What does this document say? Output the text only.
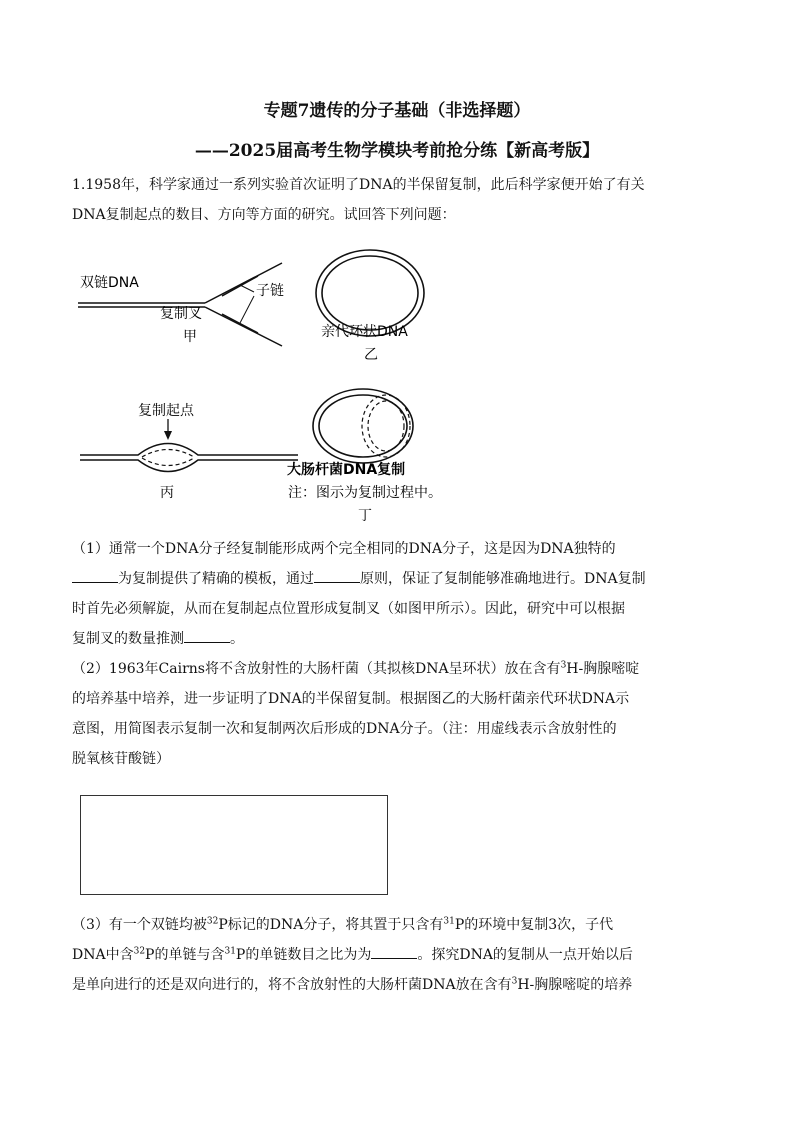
专题7遗传的分子基础（非选择题）
——2025届高考生物学模块考前抢分练【新高考版】
1.1958年，科学家通过一系列实验首次证明了DNA的半保留复制，此后科学家便开始了有关
DNA复制起点的数目、方向等方面的研究。试回答下列问题：
双链DNA	子链
复制叉
甲	亲代环状DNA
乙
复制起点
丙
大肠杆菌DNA复制
注：图示为复制过程中。
丁
（1）通常一个DNA分子经复制能形成两个完全相同的DNA分子，这是因为DNA独特的
为复制提供了精确的模板，通过	原则，保证了复制能够准确地进行。DNA复制
时首先必须解旋，从而在复制起点位置形成复制叉（如图甲所示）。因此，研究中可以根据
复制叉的数量推测	。
（2）1963年Cairns将不含放射性的大肠杆菌（其拟核DNA呈环状）放在含有$^3$H-胸腺嘧啶
的培养基中培养，进一步证明了DNA的半保留复制。根据图乙的大肠杆菌亲代环状DNA示
意图，用简图表示复制一次和复制两次后形成的DNA分子。（注：用虚线表示含放射性的
脱氧核苷酸链）
（3）有一个双链均被$^{32}$P标记的DNA分子，将其置于只含有$^{31}$P的环境中复制3次，子代
DNA中含$^{32}$P的单链与含$^{31}$P的单链数目之比为为	。探究DNA的复制从一点开始以后
是单向进行的还是双向进行的，将不含放射性的大肠杆菌DNA放在含有$^3$H-胸腺嘧啶的培养
